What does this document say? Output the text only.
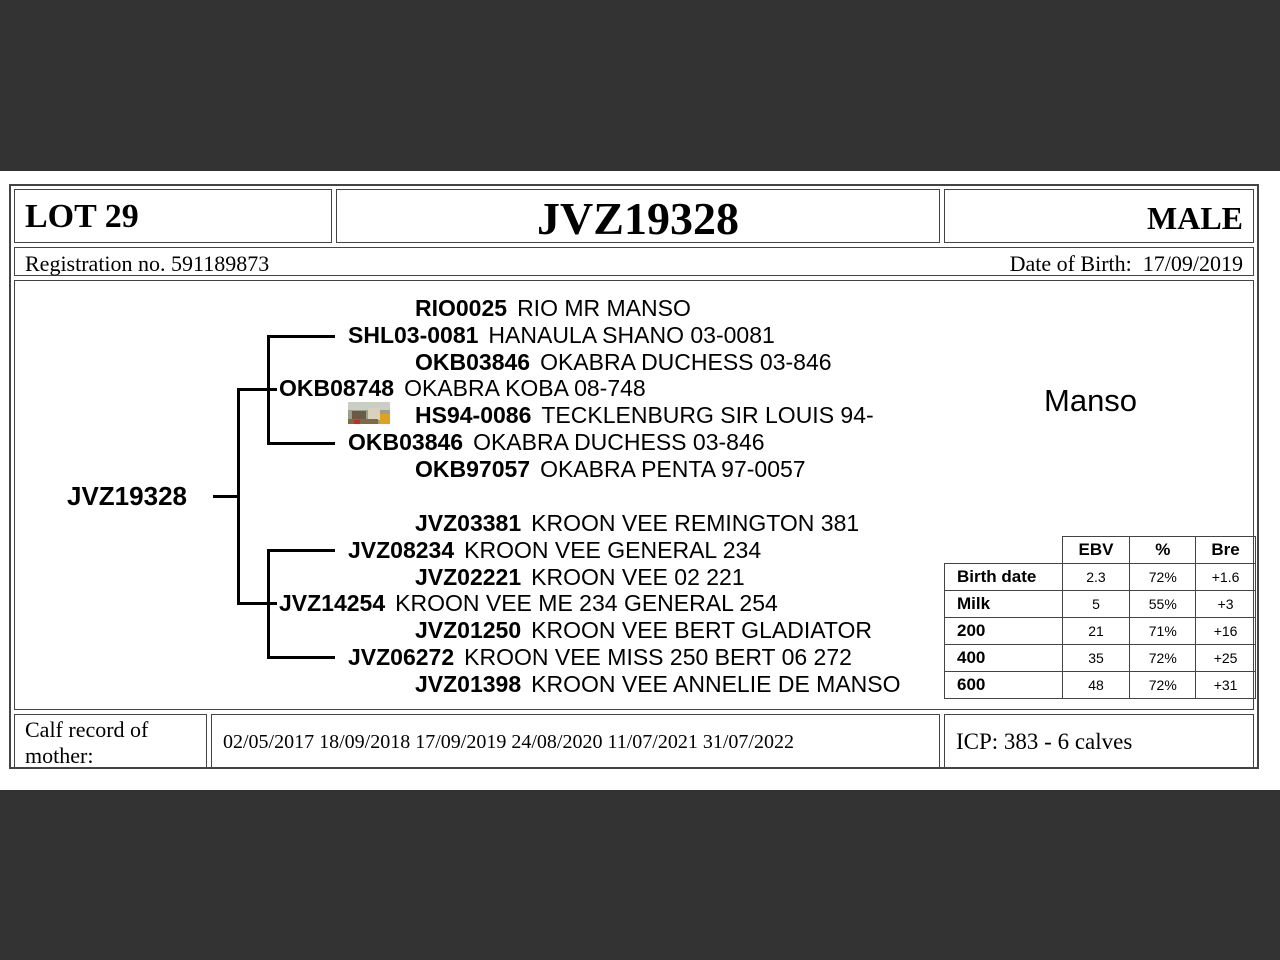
LOT 29	JVZ19328	MALE
Registration no. 591189873	Date of Birth: 17/09/2019
JVZ19328
RIO0025 RIO MR MANSO
SHL03-0081 HANAULA SHANO 03-0081
OKB03846 OKABRA DUCHESS 03-846
OKB08748 OKABRA KOBA 08-748
HS94-0086 TECKLENBURG SIR LOUIS 94-
OKB03846 OKABRA DUCHESS 03-846
OKB97057 OKABRA PENTA 97-0057
JVZ03381 KROON VEE REMINGTON 381
JVZ08234 KROON VEE GENERAL 234
JVZ02221 KROON VEE 02 221
JVZ14254 KROON VEE ME 234 GENERAL 254
JVZ01250 KROON VEE BERT GLADIATOR
JVZ06272 KROON VEE MISS 250 BERT 06 272
JVZ01398 KROON VEE ANNELIE DE MANSO
Manso
	EBV	%	Bre
Birth date	2.3	72%	+1.6
Milk	5	55%	+3
200	21	71%	+16
400	35	72%	+25
600	48	72%	+31
Calf record of
mother:
02/05/2017 18/09/2018 17/09/2019 24/08/2020 11/07/2021 31/07/2022	ICP: 383 - 6 calves
